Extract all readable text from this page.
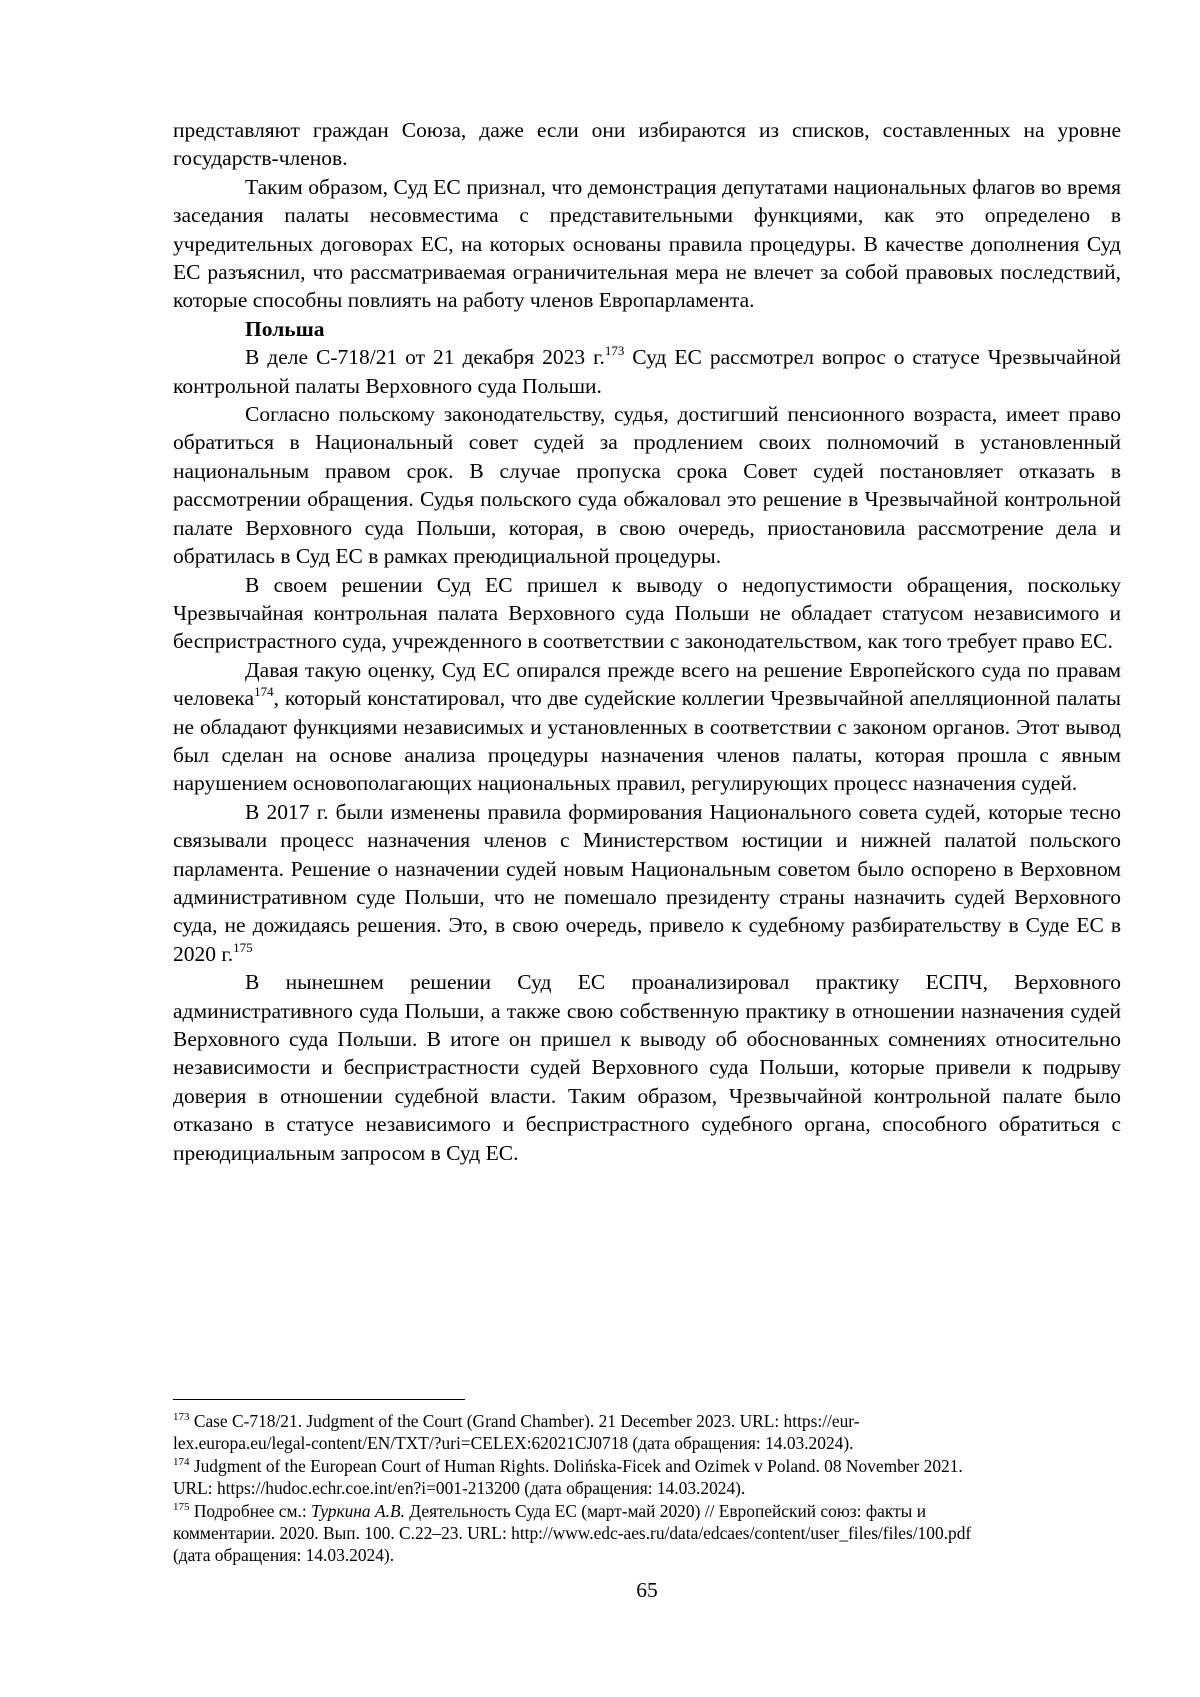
представляют граждан Союза, даже если они избираются из списков, составленных на уровне государств-членов.

Таким образом, Суд ЕС признал, что демонстрация депутатами национальных флагов во время заседания палаты несовместима с представительными функциями, как это определено в учредительных договорах ЕС, на которых основаны правила процедуры. В качестве дополнения Суд ЕС разъяснил, что рассматриваемая ограничительная мера не влечет за собой правовых последствий, которые способны повлиять на работу членов Европарламента.

Польша

В деле С-718/21 от 21 декабря 2023 г.$^{173}$ Суд ЕС рассмотрел вопрос о статусе Чрезвычайной контрольной палаты Верховного суда Польши.

Согласно польскому законодательству, судья, достигший пенсионного возраста, имеет право обратиться в Национальный совет судей за продлением своих полномочий в установленный национальным правом срок. В случае пропуска срока Совет судей постановляет отказать в рассмотрении обращения. Судья польского суда обжаловал это решение в Чрезвычайной контрольной палате Верховного суда Польши, которая, в свою очередь, приостановила рассмотрение дела и обратилась в Суд ЕС в рамках преюдициальной процедуры.

В своем решении Суд ЕС пришел к выводу о недопустимости обращения, поскольку Чрезвычайная контрольная палата Верховного суда Польши не обладает статусом независимого и беспристрастного суда, учрежденного в соответствии с законодательством, как того требует право ЕС.

Давая такую оценку, Суд ЕС опирался прежде всего на решение Европейского суда по правам человека$^{174}$, который констатировал, что две судейские коллегии Чрезвычайной апелляционной палаты не обладают функциями независимых и установленных в соответствии с законом органов. Этот вывод был сделан на основе анализа процедуры назначения членов палаты, которая прошла с явным нарушением основополагающих национальных правил, регулирующих процесс назначения судей.

В 2017 г. были изменены правила формирования Национального совета судей, которые тесно связывали процесс назначения членов с Министерством юстиции и нижней палатой польского парламента. Решение о назначении судей новым Национальным советом было оспорено в Верховном административном суде Польши, что не помешало президенту страны назначить судей Верховного суда, не дожидаясь решения. Это, в свою очередь, привело к судебному разбирательству в Суде ЕС в 2020 г.$^{175}$

В нынешнем решении Суд ЕС проанализировал практику ЕСПЧ, Верховного административного суда Польши, а также свою собственную практику в отношении назначения судей Верховного суда Польши. В итоге он пришел к выводу об обоснованных сомнениях относительно независимости и беспристрастности судей Верховного суда Польши, которые привели к подрыву доверия в отношении судебной власти. Таким образом, Чрезвычайной контрольной палате было отказано в статусе независимого и беспристрастного судебного органа, способного обратиться с преюдициальным запросом в Суд ЕС.

$^{173}$ Case C-718/21. Judgment of the Court (Grand Chamber). 21 December 2023. URL: https://eur-
lex.europa.eu/legal-content/EN/TXT/?uri=CELEX:62021CJ0718 (дата обращения: 14.03.2024).

$^{174}$ Judgment of the European Court of Human Rights. Dolińska-Ficek and Ozimek v Poland. 08 November 2021.
URL: https://hudoc.echr.coe.int/en?i=001-213200 (дата обращения: 14.03.2024).

$^{175}$ Подробнее см.: Туркина А.В. Деятельность Суда ЕС (март-май 2020) // Европейский союз: факты и
комментарии. 2020. Вып. 100. С.22–23. URL: http://www.edc-aes.ru/data/edcaes/content/user_files/files/100.pdf
(дата обращения: 14.03.2024).

65
